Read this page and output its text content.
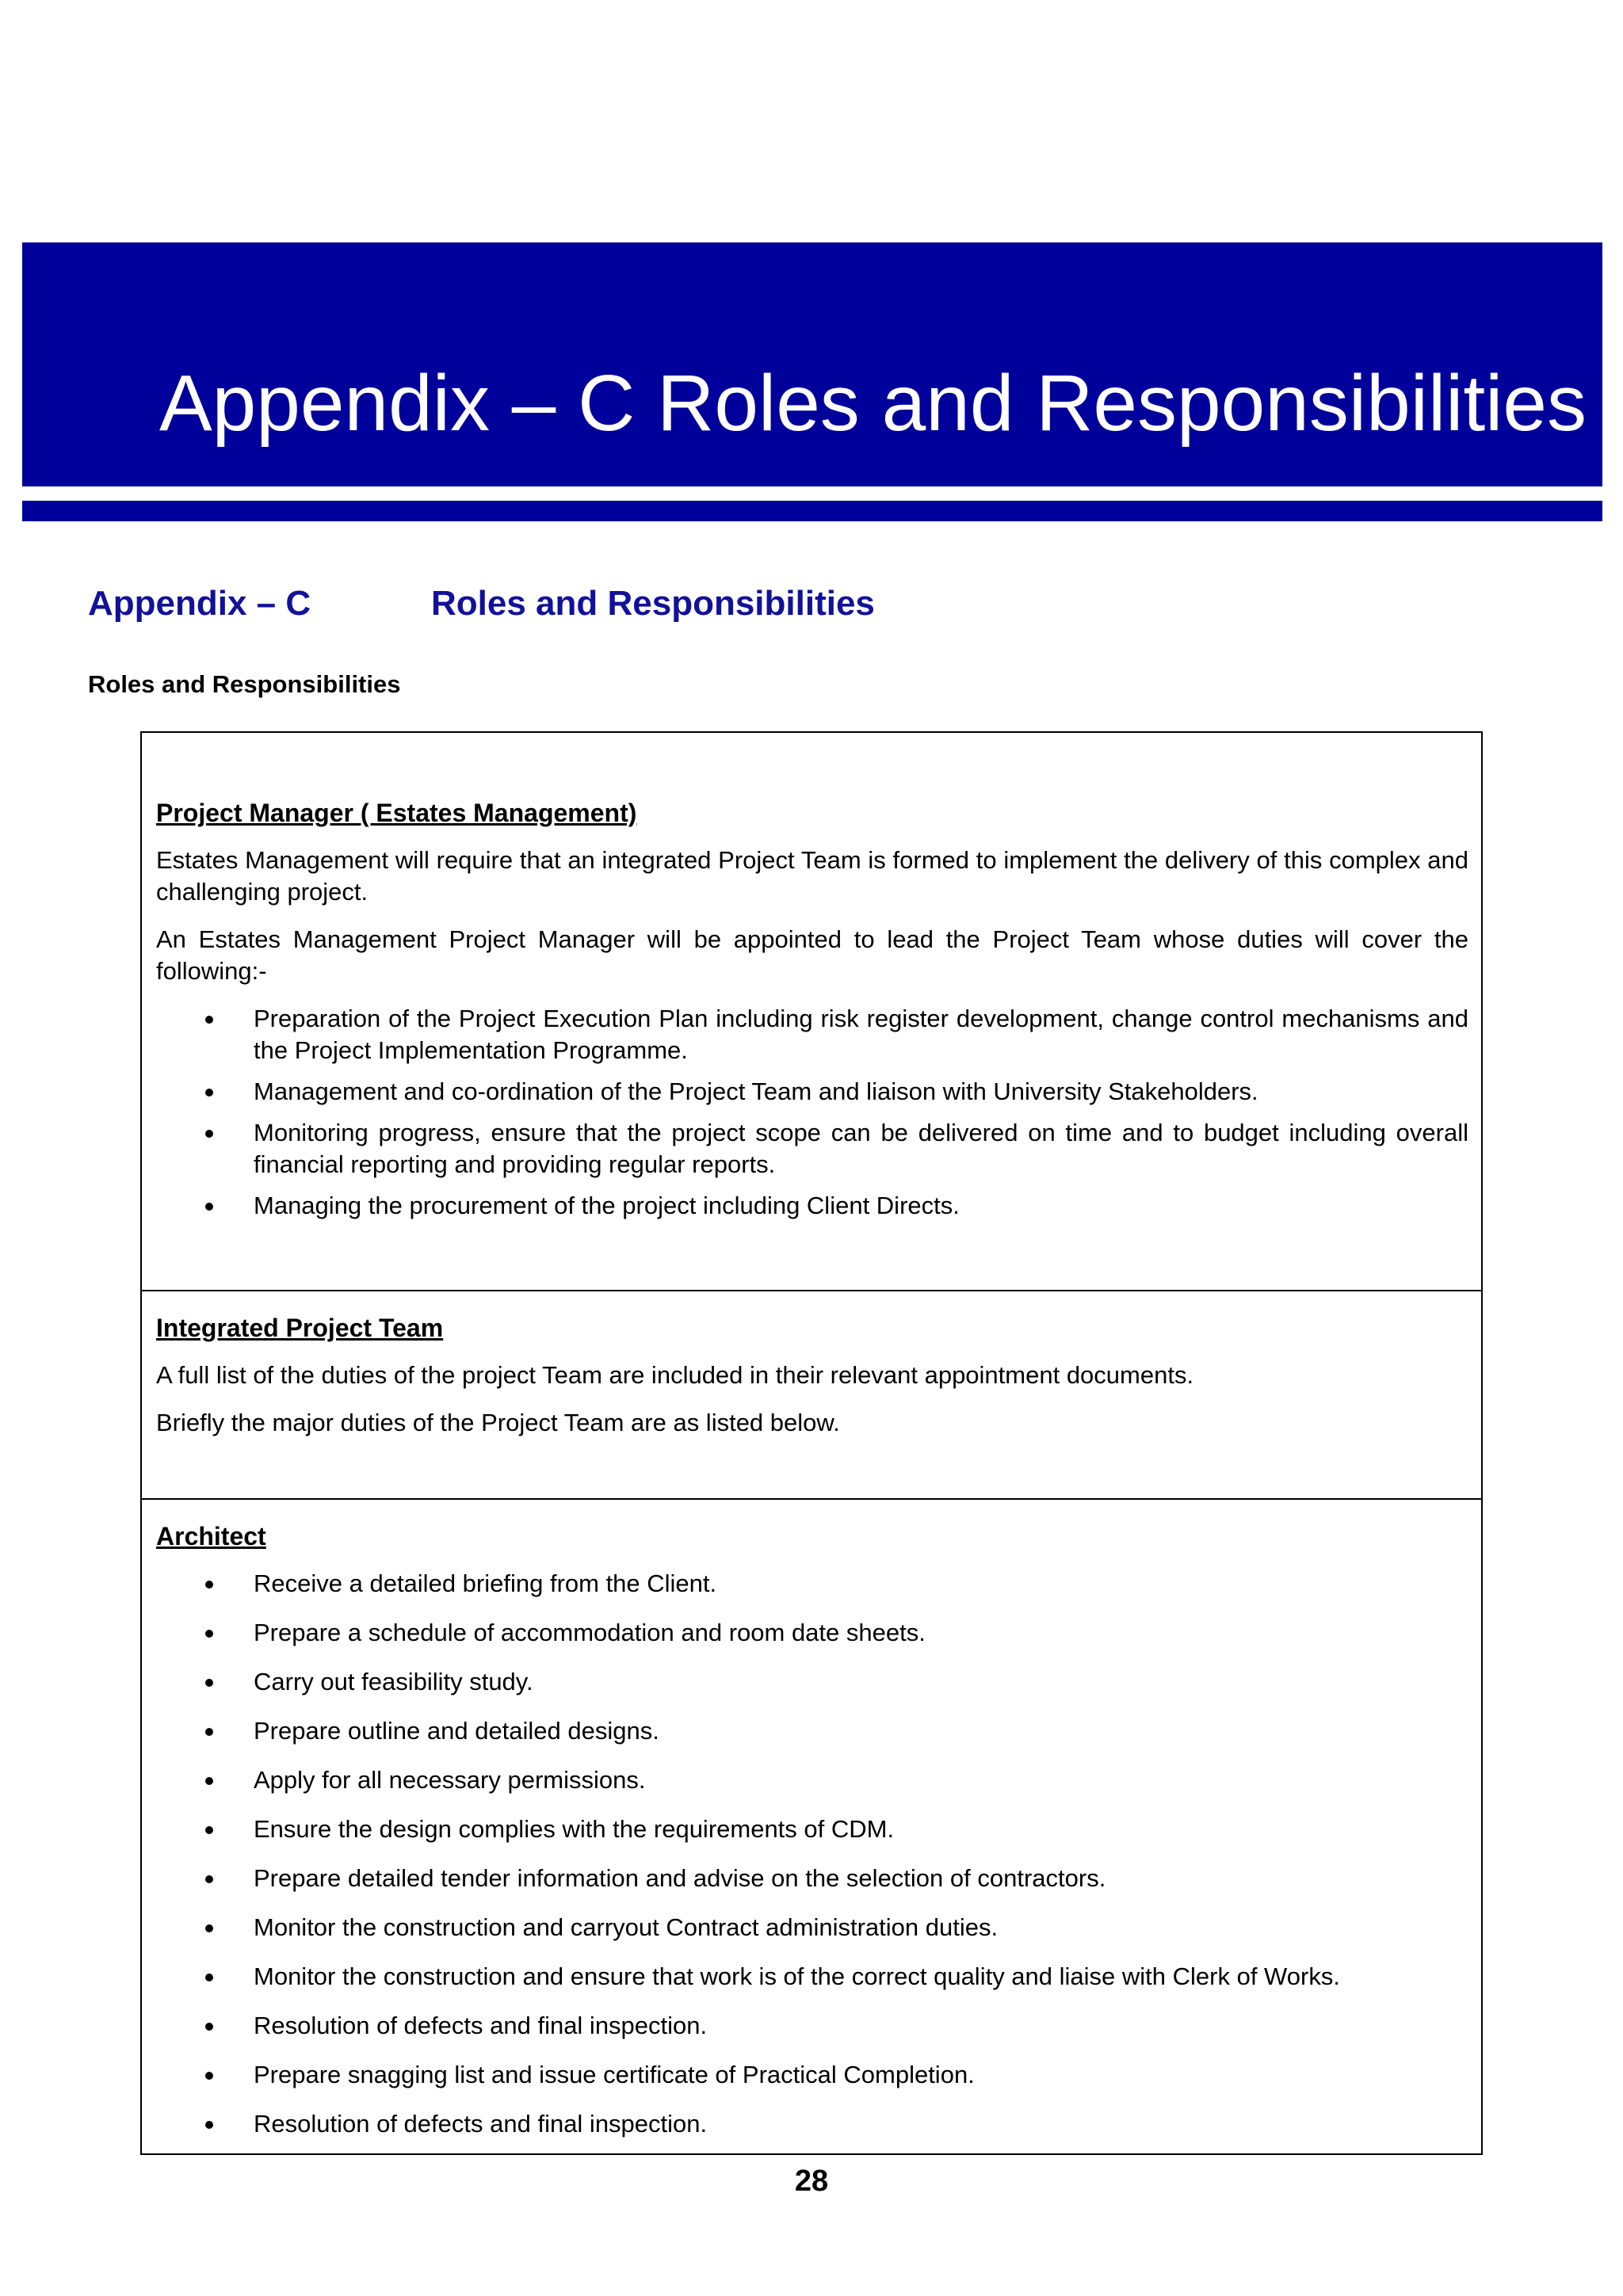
Appendix – C Roles and Responsibilities
Appendix – C	Roles and Responsibilities
Roles and Responsibilities
Project Manager ( Estates Management)

Estates Management will require that an integrated Project Team is formed to implement the delivery of this complex and challenging project.

An Estates Management Project Manager will be appointed to lead the Project Team whose duties will cover the following:-

Preparation of the Project Execution Plan including risk register development, change control mechanisms and the Project Implementation Programme.
Management and co-ordination of the Project Team and liaison with University Stakeholders.
Monitoring progress, ensure that the project scope can be delivered on time and to budget including overall financial reporting and providing regular reports.
Managing the procurement of the project including Client Directs.
Integrated Project Team

A full list of the duties of the project Team are included in their relevant appointment documents.

Briefly the major duties of the Project Team are as listed below.

Architect
Receive a detailed briefing from the Client.
Prepare a schedule of accommodation and room date sheets.
Carry out feasibility study.
Prepare outline and detailed designs.
Apply for all necessary permissions.
Ensure the design complies with the requirements of CDM.
Prepare detailed tender information and advise on the selection of contractors.
Monitor the construction and carryout Contract administration duties.
Monitor the construction and ensure that work is of the correct quality and liaise with Clerk of Works.
Resolution of defects and final inspection.
Prepare snagging list and issue certificate of Practical Completion.
Resolution of defects and final inspection.
28
